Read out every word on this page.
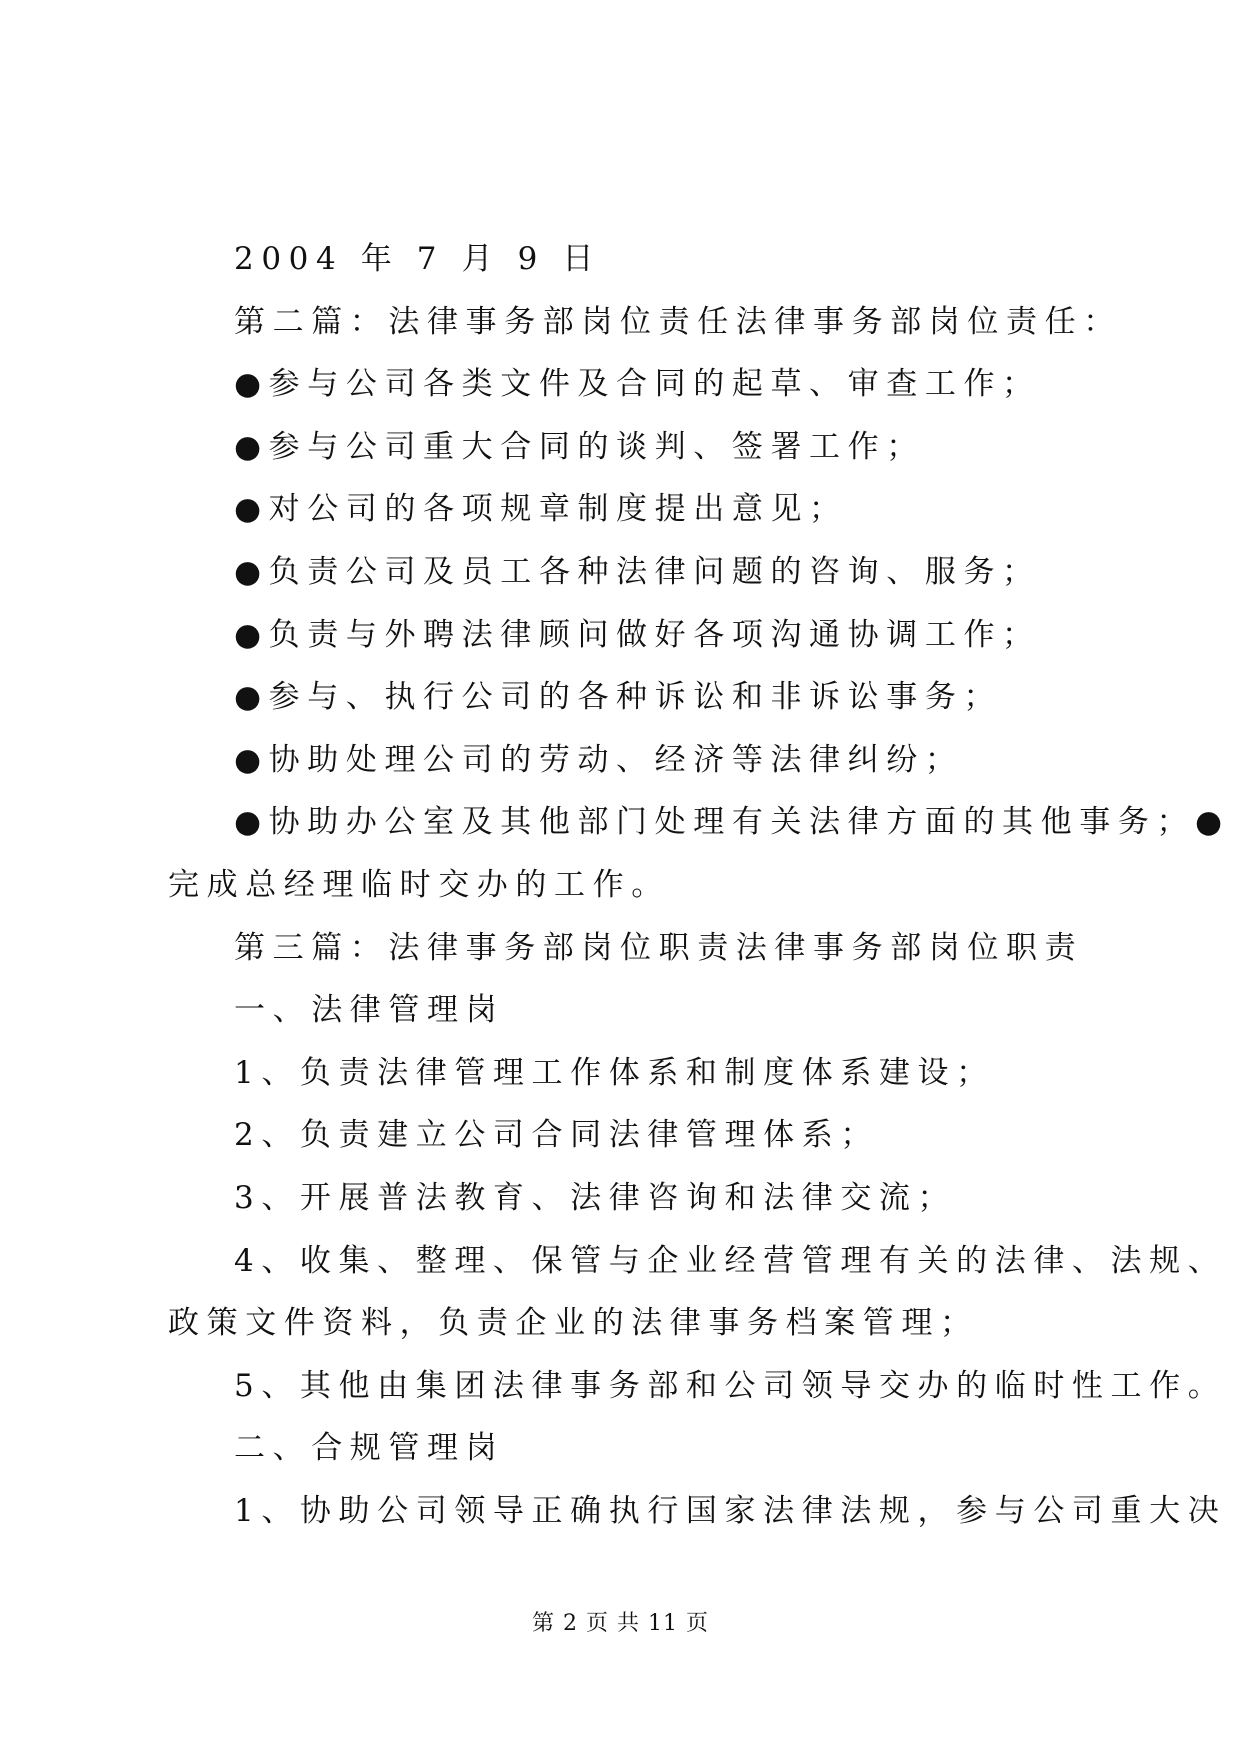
2004 年 7 月 9 日
第二篇：法律事务部岗位责任法律事务部岗位责任：
●参与公司各类文件及合同的起草、审查工作；
●参与公司重大合同的谈判、签署工作；
●对公司的各项规章制度提出意见；
●负责公司及员工各种法律问题的咨询、服务；
●负责与外聘法律顾问做好各项沟通协调工作；
●参与、执行公司的各种诉讼和非诉讼事务；
●协助处理公司的劳动、经济等法律纠纷；
●协助办公室及其他部门处理有关法律方面的其他事务；●
完成总经理临时交办的工作。
第三篇：法律事务部岗位职责法律事务部岗位职责
一、法律管理岗
1、负责法律管理工作体系和制度体系建设；
2、负责建立公司合同法律管理体系；
3、开展普法教育、法律咨询和法律交流；
4、收集、整理、保管与企业经营管理有关的法律、法规、
政策文件资料，负责企业的法律事务档案管理；
5、其他由集团法律事务部和公司领导交办的临时性工作。
二、合规管理岗
1、协助公司领导正确执行国家法律法规，参与公司重大决
第 2 页 共 11 页
